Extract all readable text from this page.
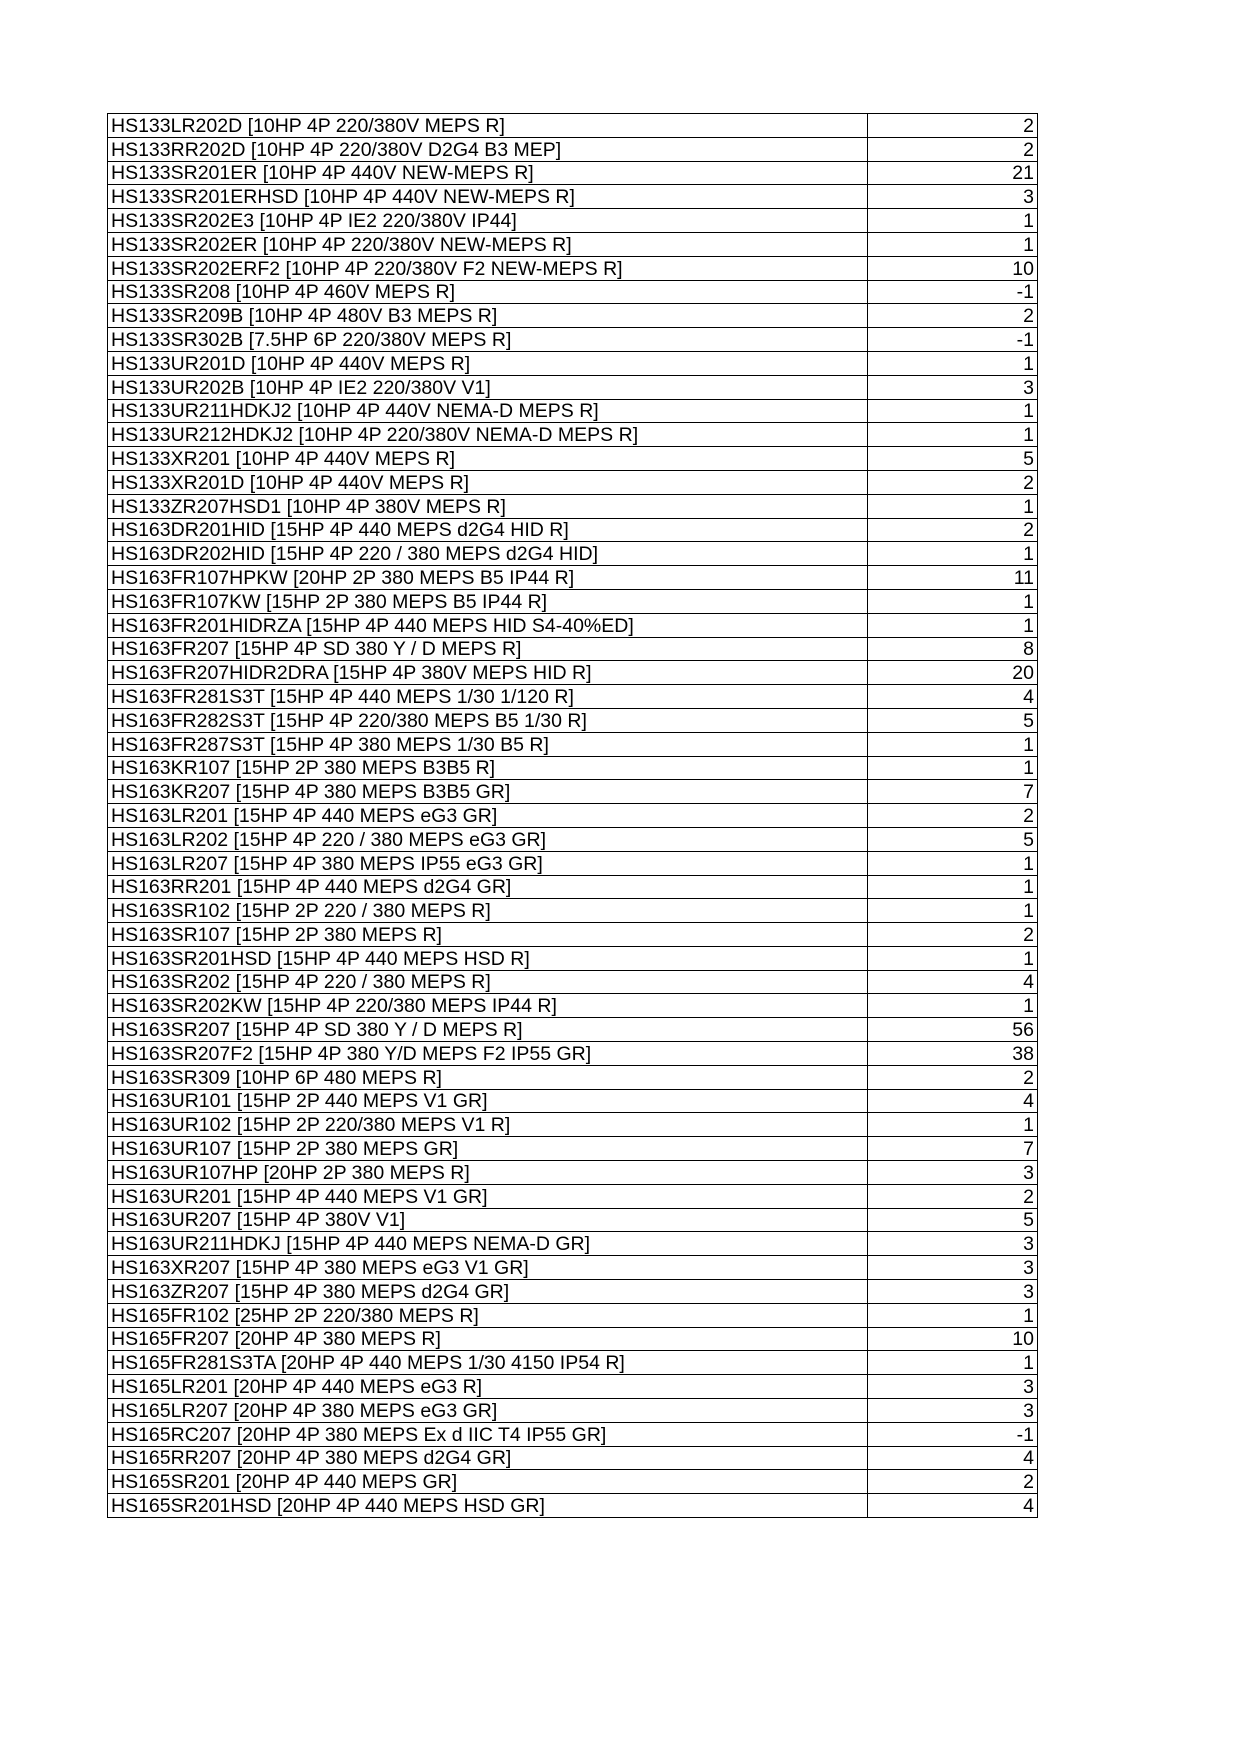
HS133LR202D [10HP 4P 220/380V MEPS R]	2
HS133RR202D [10HP 4P 220/380V D2G4 B3 MEP]	2
HS133SR201ER [10HP 4P 440V NEW-MEPS R]	21
HS133SR201ERHSD [10HP 4P 440V NEW-MEPS R]	3
HS133SR202E3 [10HP 4P IE2 220/380V IP44]	1
HS133SR202ER [10HP 4P 220/380V NEW-MEPS R]	1
HS133SR202ERF2 [10HP 4P 220/380V F2 NEW-MEPS R]	10
HS133SR208 [10HP 4P 460V MEPS R]	-1
HS133SR209B [10HP 4P 480V B3 MEPS R]	2
HS133SR302B [7.5HP 6P 220/380V MEPS R]	-1
HS133UR201D [10HP 4P 440V MEPS R]	1
HS133UR202B [10HP 4P IE2 220/380V V1]	3
HS133UR211HDKJ2 [10HP 4P 440V NEMA-D MEPS R]	1
HS133UR212HDKJ2 [10HP 4P 220/380V NEMA-D MEPS R]	1
HS133XR201 [10HP 4P 440V MEPS R]	5
HS133XR201D [10HP 4P 440V MEPS R]	2
HS133ZR207HSD1 [10HP 4P 380V MEPS R]	1
HS163DR201HID [15HP 4P 440 MEPS d2G4 HID R]	2
HS163DR202HID [15HP 4P 220 / 380 MEPS d2G4 HID]	1
HS163FR107HPKW [20HP 2P 380 MEPS B5 IP44 R]	11
HS163FR107KW [15HP 2P 380 MEPS B5 IP44 R]	1
HS163FR201HIDRZA [15HP 4P 440 MEPS HID S4-40%ED]	1
HS163FR207 [15HP 4P SD 380 Y / D MEPS R]	8
HS163FR207HIDR2DRA [15HP 4P 380V MEPS HID R]	20
HS163FR281S3T [15HP 4P 440 MEPS 1/30 1/120 R]	4
HS163FR282S3T [15HP 4P 220/380 MEPS B5 1/30 R]	5
HS163FR287S3T [15HP 4P 380 MEPS 1/30 B5 R]	1
HS163KR107 [15HP 2P 380 MEPS B3B5 R]	1
HS163KR207 [15HP 4P 380 MEPS B3B5 GR]	7
HS163LR201 [15HP 4P 440 MEPS eG3 GR]	2
HS163LR202 [15HP 4P 220 / 380 MEPS eG3 GR]	5
HS163LR207 [15HP 4P 380 MEPS IP55 eG3 GR]	1
HS163RR201 [15HP 4P 440 MEPS d2G4 GR]	1
HS163SR102 [15HP 2P 220 / 380 MEPS R]	1
HS163SR107 [15HP 2P 380 MEPS R]	2
HS163SR201HSD [15HP 4P 440 MEPS HSD R]	1
HS163SR202 [15HP 4P 220 / 380 MEPS R]	4
HS163SR202KW [15HP 4P 220/380 MEPS IP44 R]	1
HS163SR207 [15HP 4P SD 380 Y / D MEPS R]	56
HS163SR207F2 [15HP 4P 380 Y/D MEPS F2 IP55 GR]	38
HS163SR309 [10HP 6P 480 MEPS R]	2
HS163UR101 [15HP 2P 440 MEPS V1 GR]	4
HS163UR102 [15HP 2P 220/380 MEPS V1 R]	1
HS163UR107 [15HP 2P 380 MEPS GR]	7
HS163UR107HP [20HP 2P 380 MEPS R]	3
HS163UR201 [15HP 4P 440 MEPS V1 GR]	2
HS163UR207 [15HP 4P 380V V1]	5
HS163UR211HDKJ [15HP 4P 440 MEPS NEMA-D GR]	3
HS163XR207 [15HP 4P 380 MEPS eG3 V1 GR]	3
HS163ZR207 [15HP 4P 380 MEPS d2G4 GR]	3
HS165FR102 [25HP 2P 220/380 MEPS R]	1
HS165FR207 [20HP 4P 380 MEPS R]	10
HS165FR281S3TA [20HP 4P 440 MEPS 1/30 4150 IP54 R]	1
HS165LR201 [20HP 4P 440 MEPS eG3 R]	3
HS165LR207 [20HP 4P 380 MEPS eG3 GR]	3
HS165RC207 [20HP 4P 380 MEPS Ex d IIC T4 IP55 GR]	-1
HS165RR207 [20HP 4P 380 MEPS d2G4 GR]	4
HS165SR201 [20HP 4P 440 MEPS GR]	2
HS165SR201HSD [20HP 4P 440 MEPS HSD GR]	4
